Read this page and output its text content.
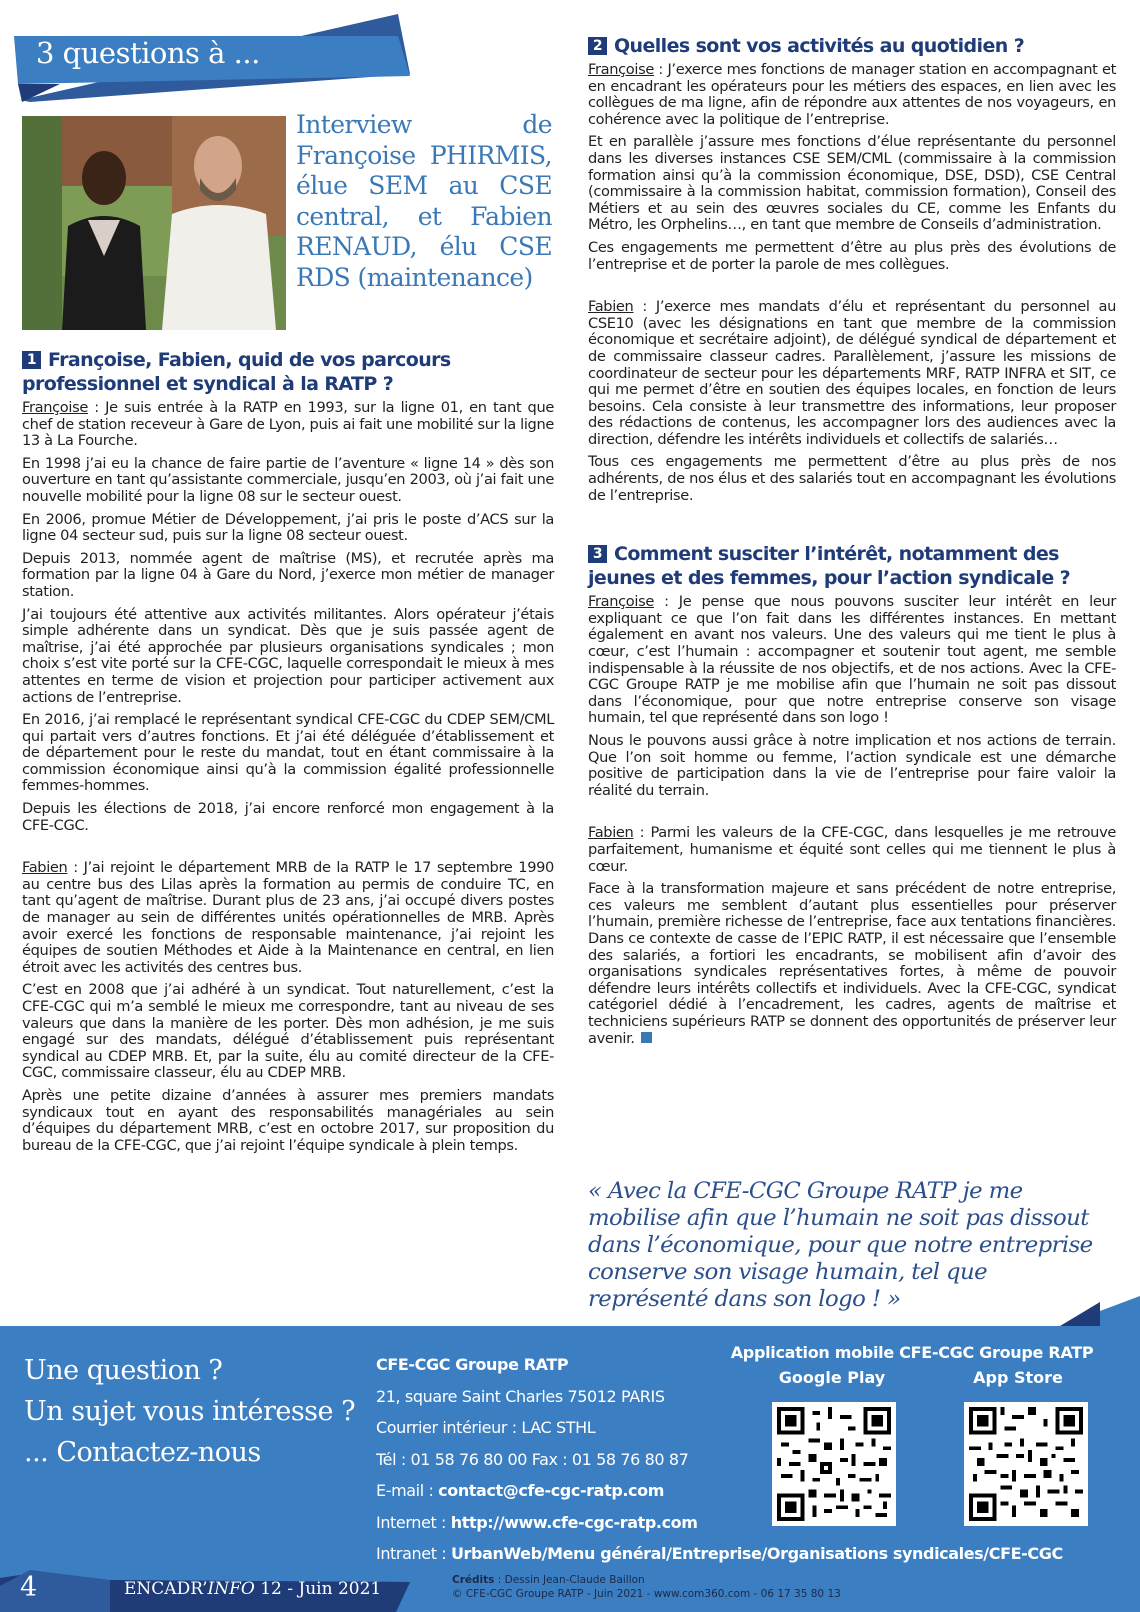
3 questions à ...
Interview de Françoise PHIRMIS, élue SEM au CSE central, et Fabien RENAUD, élu CSE RDS (maintenance)
1 Françoise, Fabien, quid de vos parcours professionnel et syndical à la RATP ?

Françoise : Je suis entrée à la RATP en 1993, sur la ligne 01, en tant que chef de station receveur à Gare de Lyon, puis ai fait une mobilité sur la ligne 13 à La Fourche.

En 1998 j’ai eu la chance de faire partie de l’aventure « ligne 14 » dès son ouverture en tant qu’assistante commerciale, jusqu’en 2003, où j’ai fait une nouvelle mobilité pour la ligne 08 sur le secteur ouest.

En 2006, promue Métier de Développement, j’ai pris le poste d’ACS sur la ligne 04 secteur sud, puis sur la ligne 08 secteur ouest.

Depuis 2013, nommée agent de maîtrise (MS), et recrutée après ma formation par la ligne 04 à Gare du Nord, j’exerce mon métier de manager station.

J’ai toujours été attentive aux activités militantes. Alors opérateur j’étais simple adhérente dans un syndicat. Dès que je suis passée agent de maîtrise, j’ai été approchée par plusieurs organisations syndicales ; mon choix s’est vite porté sur la CFE-CGC, laquelle correspondait le mieux à mes attentes en terme de vision et projection pour participer activement aux actions de l’entreprise.

En 2016, j’ai remplacé le représentant syndical CFE-CGC du CDEP SEM/CML qui partait vers d’autres fonctions. Et j’ai été déléguée d’établissement et de département pour le reste du mandat, tout en étant commissaire à la commission économique ainsi qu’à la commission égalité professionnelle femmes-hommes.

Depuis les élections de 2018, j’ai encore renforcé mon engagement à la CFE-CGC.

Fabien : J’ai rejoint le département MRB de la RATP le 17 septembre 1990 au centre bus des Lilas après la formation au permis de conduire TC, en tant qu’agent de maîtrise. Durant plus de 23 ans, j’ai occupé divers postes de manager au sein de différentes unités opérationnelles de MRB. Après avoir exercé les fonctions de responsable maintenance, j’ai rejoint les équipes de soutien Méthodes et Aide à la Maintenance en central, en lien étroit avec les activités des centres bus.

C’est en 2008 que j’ai adhéré à un syndicat. Tout naturellement, c’est la CFE-CGC qui m’a semblé le mieux me correspondre, tant au niveau de ses valeurs que dans la manière de les porter. Dès mon adhésion, je me suis engagé sur des mandats, délégué d’établissement puis représentant syndical au CDEP MRB. Et, par la suite, élu au comité directeur de la CFE-CGC, commissaire classeur, élu au CDEP MRB.

Après une petite dizaine d’années à assurer mes premiers mandats syndicaux tout en ayant des responsabilités managériales au sein d’équipes du département MRB, c’est en octobre 2017, sur proposition du bureau de la CFE-CGC, que j’ai rejoint l’équipe syndicale à plein temps.

2 Quelles sont vos activités au quotidien ?

Françoise : J’exerce mes fonctions de manager station en accompagnant et en encadrant les opérateurs pour les métiers des espaces, en lien avec les collègues de ma ligne, afin de répondre aux attentes de nos voyageurs, en cohérence avec la politique de l’entreprise.

Et en parallèle j’assure mes fonctions d’élue représentante du personnel dans les diverses instances CSE SEM/CML (commissaire à la commission formation ainsi qu’à la commission économique, DSE, DSD), CSE Central (commissaire à la commission habitat, commission formation), Conseil des Métiers et au sein des œuvres sociales du CE, comme les Enfants du Métro, les Orphelins…, en tant que membre de Conseils d’administration.

Ces engagements me permettent d’être au plus près des évolutions de l’entreprise et de porter la parole de mes collègues.

Fabien : J’exerce mes mandats d’élu et représentant du personnel au CSE10 (avec les désignations en tant que membre de la commission économique et secrétaire adjoint), de délégué syndical de département et de commissaire classeur cadres. Parallèlement, j’assure les missions de coordinateur de secteur pour les départements MRF, RATP INFRA et SIT, ce qui me permet d’être en soutien des équipes locales, en fonction de leurs besoins. Cela consiste à leur transmettre des informations, leur proposer des rédactions de contenus, les accompagner lors des audiences avec la direction, défendre les intérêts individuels et collectifs de salariés…

Tous ces engagements me permettent d’être au plus près de nos adhérents, de nos élus et des salariés tout en accompagnant les évolutions de l’entreprise.

3 Comment susciter l’intérêt, notamment des jeunes et des femmes, pour l’action syndicale ?

Françoise : Je pense que nous pouvons susciter leur intérêt en leur expliquant ce que l’on fait dans les différentes instances. En mettant également en avant nos valeurs. Une des valeurs qui me tient le plus à cœur, c’est l’humain : accompagner et soutenir tout agent, me semble indispensable à la réussite de nos objectifs, et de nos actions. Avec la CFE-CGC Groupe RATP je me mobilise afin que l’humain ne soit pas dissout dans l’économique, pour que notre entreprise conserve son visage humain, tel que représenté dans son logo !

Nous le pouvons aussi grâce à notre implication et nos actions de terrain. Que l’on soit homme ou femme, l’action syndicale est une démarche positive de participation dans la vie de l’entreprise pour faire valoir la réalité du terrain.

Fabien : Parmi les valeurs de la CFE-CGC, dans lesquelles je me retrouve parfaitement, humanisme et équité sont celles qui me tiennent le plus à cœur.

Face à la transformation majeure et sans précédent de notre entreprise, ces valeurs me semblent d’autant plus essentielles pour préserver l’humain, première richesse de l’entreprise, face aux tentations financières. Dans ce contexte de casse de l’EPIC RATP, il est nécessaire que l’ensemble des salariés, a fortiori les encadrants, se mobilisent afin d’avoir des organisations syndicales représentatives fortes, à même de pouvoir défendre leurs intérêts collectifs et individuels. Avec la CFE-CGC, syndicat catégoriel dédié à l’encadrement, les cadres, agents de maîtrise et techniciens supérieurs RATP se donnent des opportunités de préserver leur avenir.

« Avec la CFE-CGC Groupe RATP je me mobilise afin que l’humain ne soit pas dissout dans l’économique, pour que notre entreprise conserve son visage humain, tel que représenté dans son logo ! »
Une question ?
Un sujet vous intéresse ?
... Contactez-nous
CFE-CGC Groupe RATP
21, square Saint Charles 75012 PARIS
Courrier intérieur : LAC STHL
Tél : 01 58 76 80 00 Fax : 01 58 76 80 87
E-mail : contact@cfe-cgc-ratp.com
Internet : http://www.cfe-cgc-ratp.com
Intranet : UrbanWeb/Menu général/Entreprise/Organisations syndicales/CFE-CGC
Application mobile CFE-CGC Groupe RATP
Google Play	App Store
4	ENCADR’INFO 12 - Juin 2021	Crédits : Dessin Jean-Claude Baillon
© CFE-CGC Groupe RATP - Juin 2021 - www.com360.com - 06 17 35 80 13
